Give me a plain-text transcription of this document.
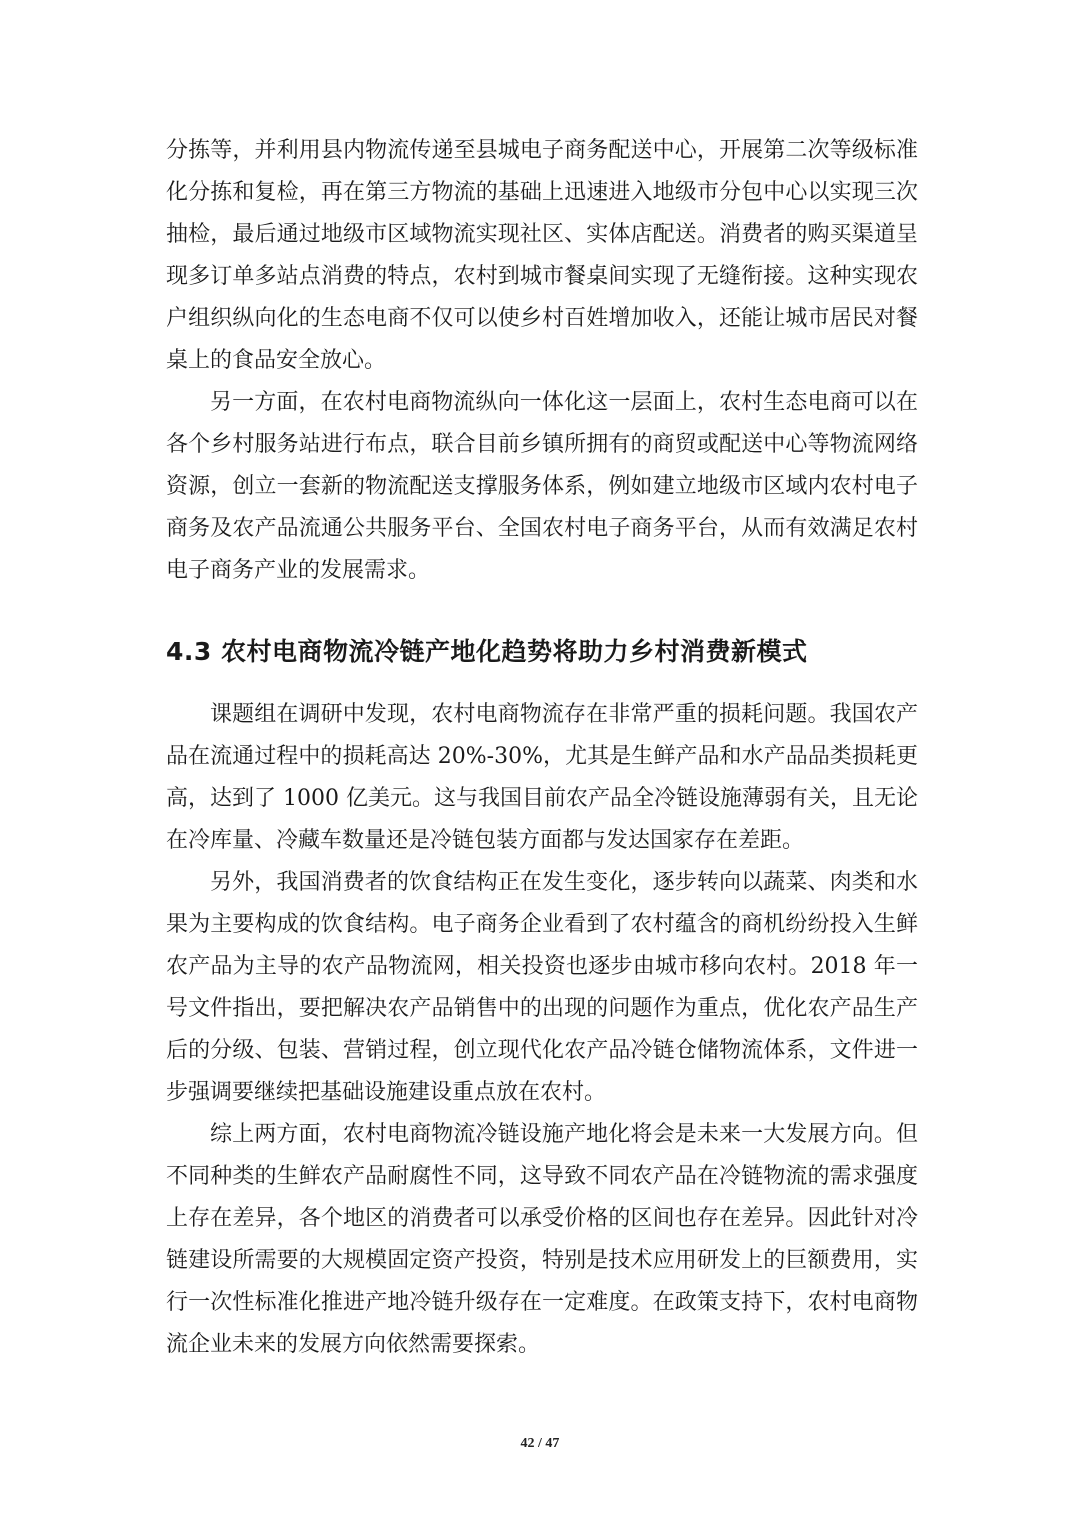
分拣等，并利用县内物流传递至县城电子商务配送中心，开展第二次等级标准化分拣和复检，再在第三方物流的基础上迅速进入地级市分包中心以实现三次抽检，最后通过地级市区域物流实现社区、实体店配送。消费者的购买渠道呈现多订单多站点消费的特点，农村到城市餐桌间实现了无缝衔接。这种实现农户组织纵向化的生态电商不仅可以使乡村百姓增加收入，还能让城市居民对餐桌上的食品安全放心。

另一方面，在农村电商物流纵向一体化这一层面上，农村生态电商可以在各个乡村服务站进行布点，联合目前乡镇所拥有的商贸或配送中心等物流网络资源，创立一套新的物流配送支撑服务体系，例如建立地级市区域内农村电子商务及农产品流通公共服务平台、全国农村电子商务平台，从而有效满足农村电子商务产业的发展需求。

4.3 农村电商物流冷链产地化趋势将助力乡村消费新模式

课题组在调研中发现，农村电商物流存在非常严重的损耗问题。我国农产品在流通过程中的损耗高达 20%-30%，尤其是生鲜产品和水产品品类损耗更高，达到了 1000 亿美元。这与我国目前农产品全冷链设施薄弱有关，且无论在冷库量、冷藏车数量还是冷链包装方面都与发达国家存在差距。

另外，我国消费者的饮食结构正在发生变化，逐步转向以蔬菜、肉类和水果为主要构成的饮食结构。电子商务企业看到了农村蕴含的商机纷纷投入生鲜农产品为主导的农产品物流网，相关投资也逐步由城市移向农村。2018 年一号文件指出，要把解决农产品销售中的出现的问题作为重点，优化农产品生产后的分级、包装、营销过程，创立现代化农产品冷链仓储物流体系，文件进一步强调要继续把基础设施建设重点放在农村。

综上两方面，农村电商物流冷链设施产地化将会是未来一大发展方向。但不同种类的生鲜农产品耐腐性不同，这导致不同农产品在冷链物流的需求强度上存在差异，各个地区的消费者可以承受价格的区间也存在差异。因此针对冷链建设所需要的大规模固定资产投资，特别是技术应用研发上的巨额费用，实行一次性标准化推进产地冷链升级存在一定难度。在政策支持下，农村电商物流企业未来的发展方向依然需要探索。

42 / 47
